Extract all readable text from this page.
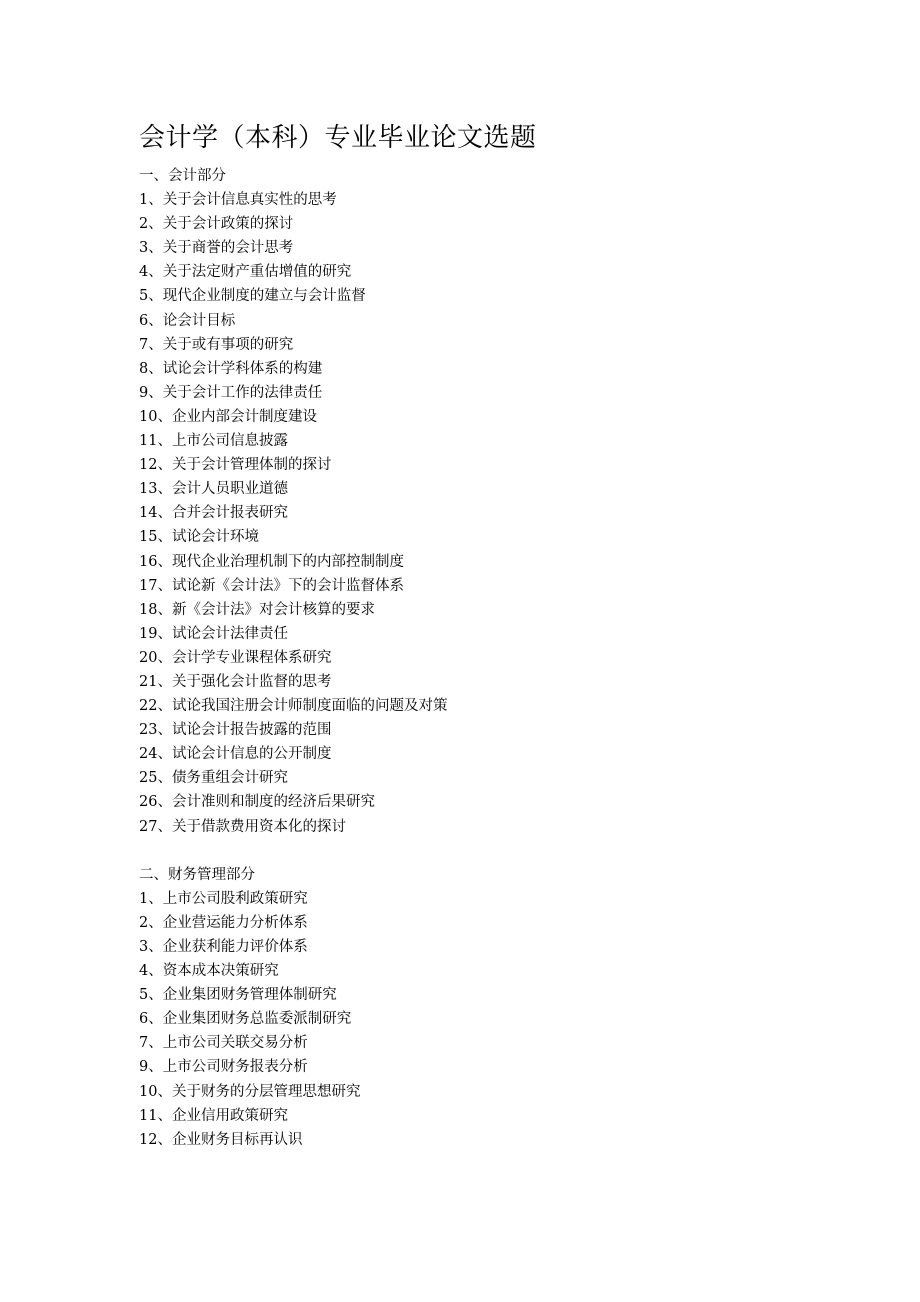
会计学（本科）专业毕业论文选题
一、会计部分
1、关于会计信息真实性的思考
2、关于会计政策的探讨
3、关于商誉的会计思考
4、关于法定财产重估增值的研究
5、现代企业制度的建立与会计监督
6、论会计目标
7、关于或有事项的研究
8、试论会计学科体系的构建
9、关于会计工作的法律责任
10、企业内部会计制度建设
11、上市公司信息披露
12、关于会计管理体制的探讨
13、会计人员职业道德
14、合并会计报表研究
15、试论会计环境
16、现代企业治理机制下的内部控制制度
17、试论新《会计法》下的会计监督体系
18、新《会计法》对会计核算的要求
19、试论会计法律责任
20、会计学专业课程体系研究
21、关于强化会计监督的思考
22、试论我国注册会计师制度面临的问题及对策
23、试论会计报告披露的范围
24、试论会计信息的公开制度
25、债务重组会计研究
26、会计准则和制度的经济后果研究
27、关于借款费用资本化的探讨
二、财务管理部分
1、上市公司股利政策研究
2、企业营运能力分析体系
3、企业获利能力评价体系
4、资本成本决策研究
5、企业集团财务管理体制研究
6、企业集团财务总监委派制研究
7、上市公司关联交易分析
9、上市公司财务报表分析
10、关于财务的分层管理思想研究
11、企业信用政策研究
12、企业财务目标再认识
